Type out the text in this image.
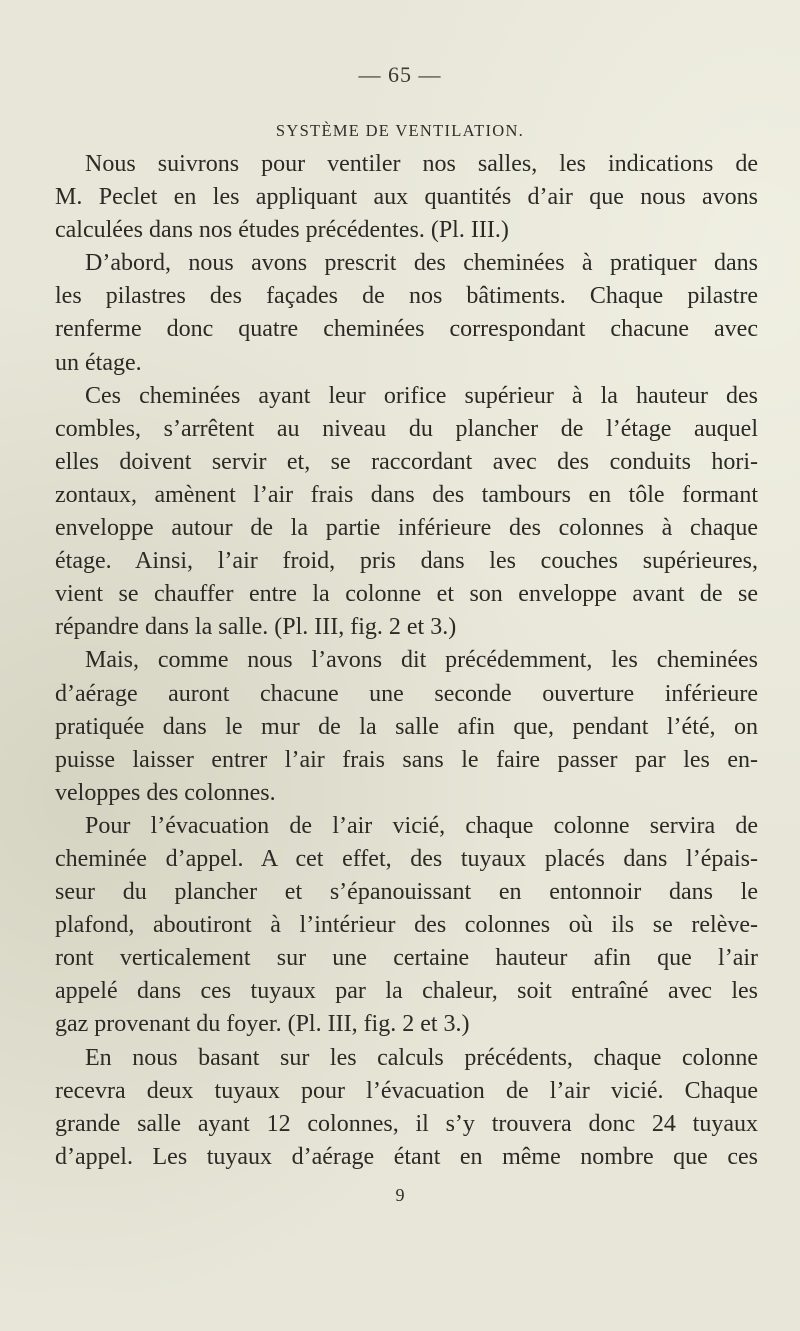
— 65 —
SYSTÈME DE VENTILATION.
Nous suivrons pour ventiler nos salles, les indications de
M. Peclet en les appliquant aux quantités d’air que nous avons
calculées dans nos études précédentes. (Pl. III.)
D’abord, nous avons prescrit des cheminées à pratiquer dans
les pilastres des façades de nos bâtiments. Chaque pilastre
renferme donc quatre cheminées correspondant chacune avec
un étage.
Ces cheminées ayant leur orifice supérieur à la hauteur des
combles, s’arrêtent au niveau du plancher de l’étage auquel
elles doivent servir et, se raccordant avec des conduits hori-
zontaux, amènent l’air frais dans des tambours en tôle formant
enveloppe autour de la partie inférieure des colonnes à chaque
étage. Ainsi, l’air froid, pris dans les couches supérieures,
vient se chauffer entre la colonne et son enveloppe avant de se
répandre dans la salle. (Pl. III, fig. 2 et 3.)
Mais, comme nous l’avons dit précédemment, les cheminées
d’aérage auront chacune une seconde ouverture inférieure
pratiquée dans le mur de la salle afin que, pendant l’été, on
puisse laisser entrer l’air frais sans le faire passer par les en-
veloppes des colonnes.
Pour l’évacuation de l’air vicié, chaque colonne servira de
cheminée d’appel. A cet effet, des tuyaux placés dans l’épais-
seur du plancher et s’épanouissant en entonnoir dans le
plafond, aboutiront à l’intérieur des colonnes où ils se relève-
ront verticalement sur une certaine hauteur afin que l’air
appelé dans ces tuyaux par la chaleur, soit entraîné avec les
gaz provenant du foyer. (Pl. III, fig. 2 et 3.)
En nous basant sur les calculs précédents, chaque colonne
recevra deux tuyaux pour l’évacuation de l’air vicié. Chaque
grande salle ayant 12 colonnes, il s’y trouvera donc 24 tuyaux
d’appel. Les tuyaux d’aérage étant en même nombre que ces
9
